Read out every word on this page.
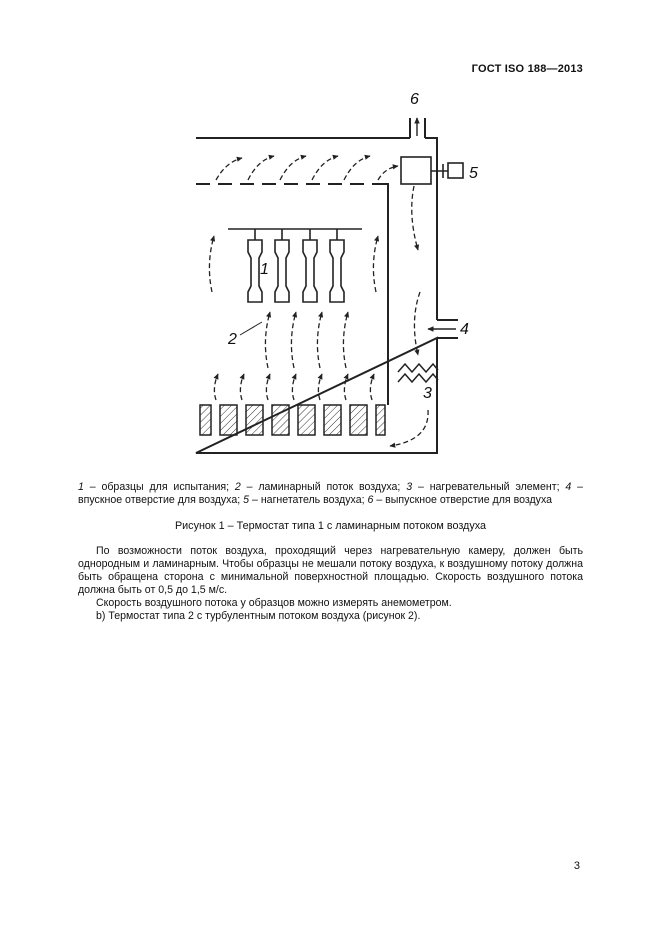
ГОСТ ISO 188—2013
1
2
3
4
5
6
1 – образцы для испытания; 2 – ламинарный поток воздуха; 3 – нагревательный элемент; 4 – впускное отверстие для воздуха; 5 – нагнетатель воздуха; 6 – выпускное отверстие для воздуха
Рисунок 1 – Термостат типа 1 с ламинарным потоком воздуха

По возможности поток воздуха, проходящий через нагревательную камеру, должен быть однородным и ламинарным. Чтобы образцы не мешали потоку воздуха, к воздушному потоку должна быть обращена сторона с минимальной поверхностной площадью. Скорость воздушного потока должна быть от 0,5 до 1,5 м/с.

Скорость воздушного потока у образцов можно измерять анемометром.

b) Термостат типа 2 с турбулентным потоком воздуха (рисунок 2).

3
